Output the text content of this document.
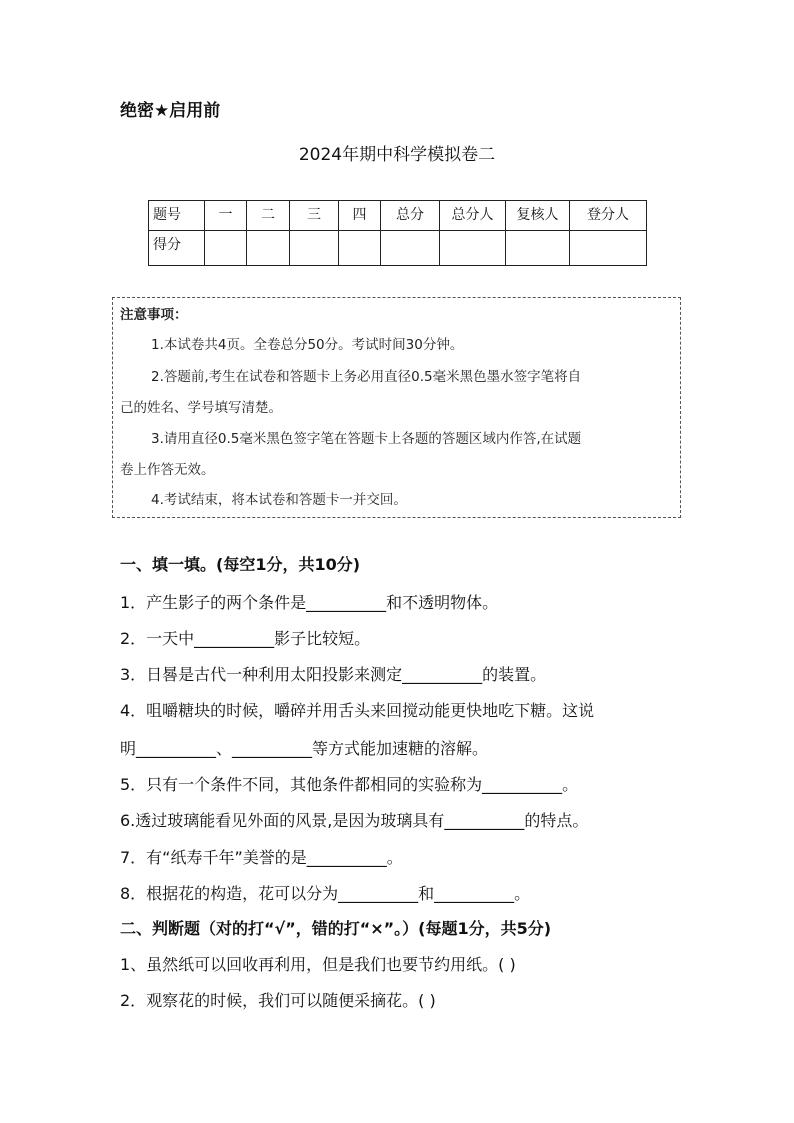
绝密★启用前
2024年期中科学模拟卷二
题号	一	二	三	四	总分	总分人	复核人	登分人
得分								
注意事项：
1.本试卷共4页。全卷总分50分。考试时间30分钟。
2.答题前,考生在试卷和答题卡上务必用直径0.5毫米黑色墨水签字笔将自
己的姓名、学号填写清楚。
3.请用直径0.5毫米黑色签字笔在答题卡上各题的答题区域内作答,在试题
卷上作答无效。
4.考试结束，将本试卷和答题卡一并交回。
一、填一填。(每空1分，共10分)
1．产生影子的两个条件是__________和不透明物体。
2．一天中__________影子比较短。
3．日晷是古代一种利用太阳投影来测定__________的装置。
4．咀嚼糖块的时候，嚼碎并用舌头来回搅动能更快地吃下糖。这说
明__________、__________等方式能加速糖的溶解。
5．只有一个条件不同，其他条件都相同的实验称为__________。
6.透过玻璃能看见外面的风景,是因为玻璃具有__________的特点。
7．有“纸寿千年”美誉的是__________。
8．根据花的构造，花可以分为__________和__________。
二、判断题（对的打“√”，错的打“×”。）(每题1分，共5分)
1、虽然纸可以回收再利用，但是我们也要节约用纸。( )
2．观察花的时候，我们可以随便采摘花。( )
